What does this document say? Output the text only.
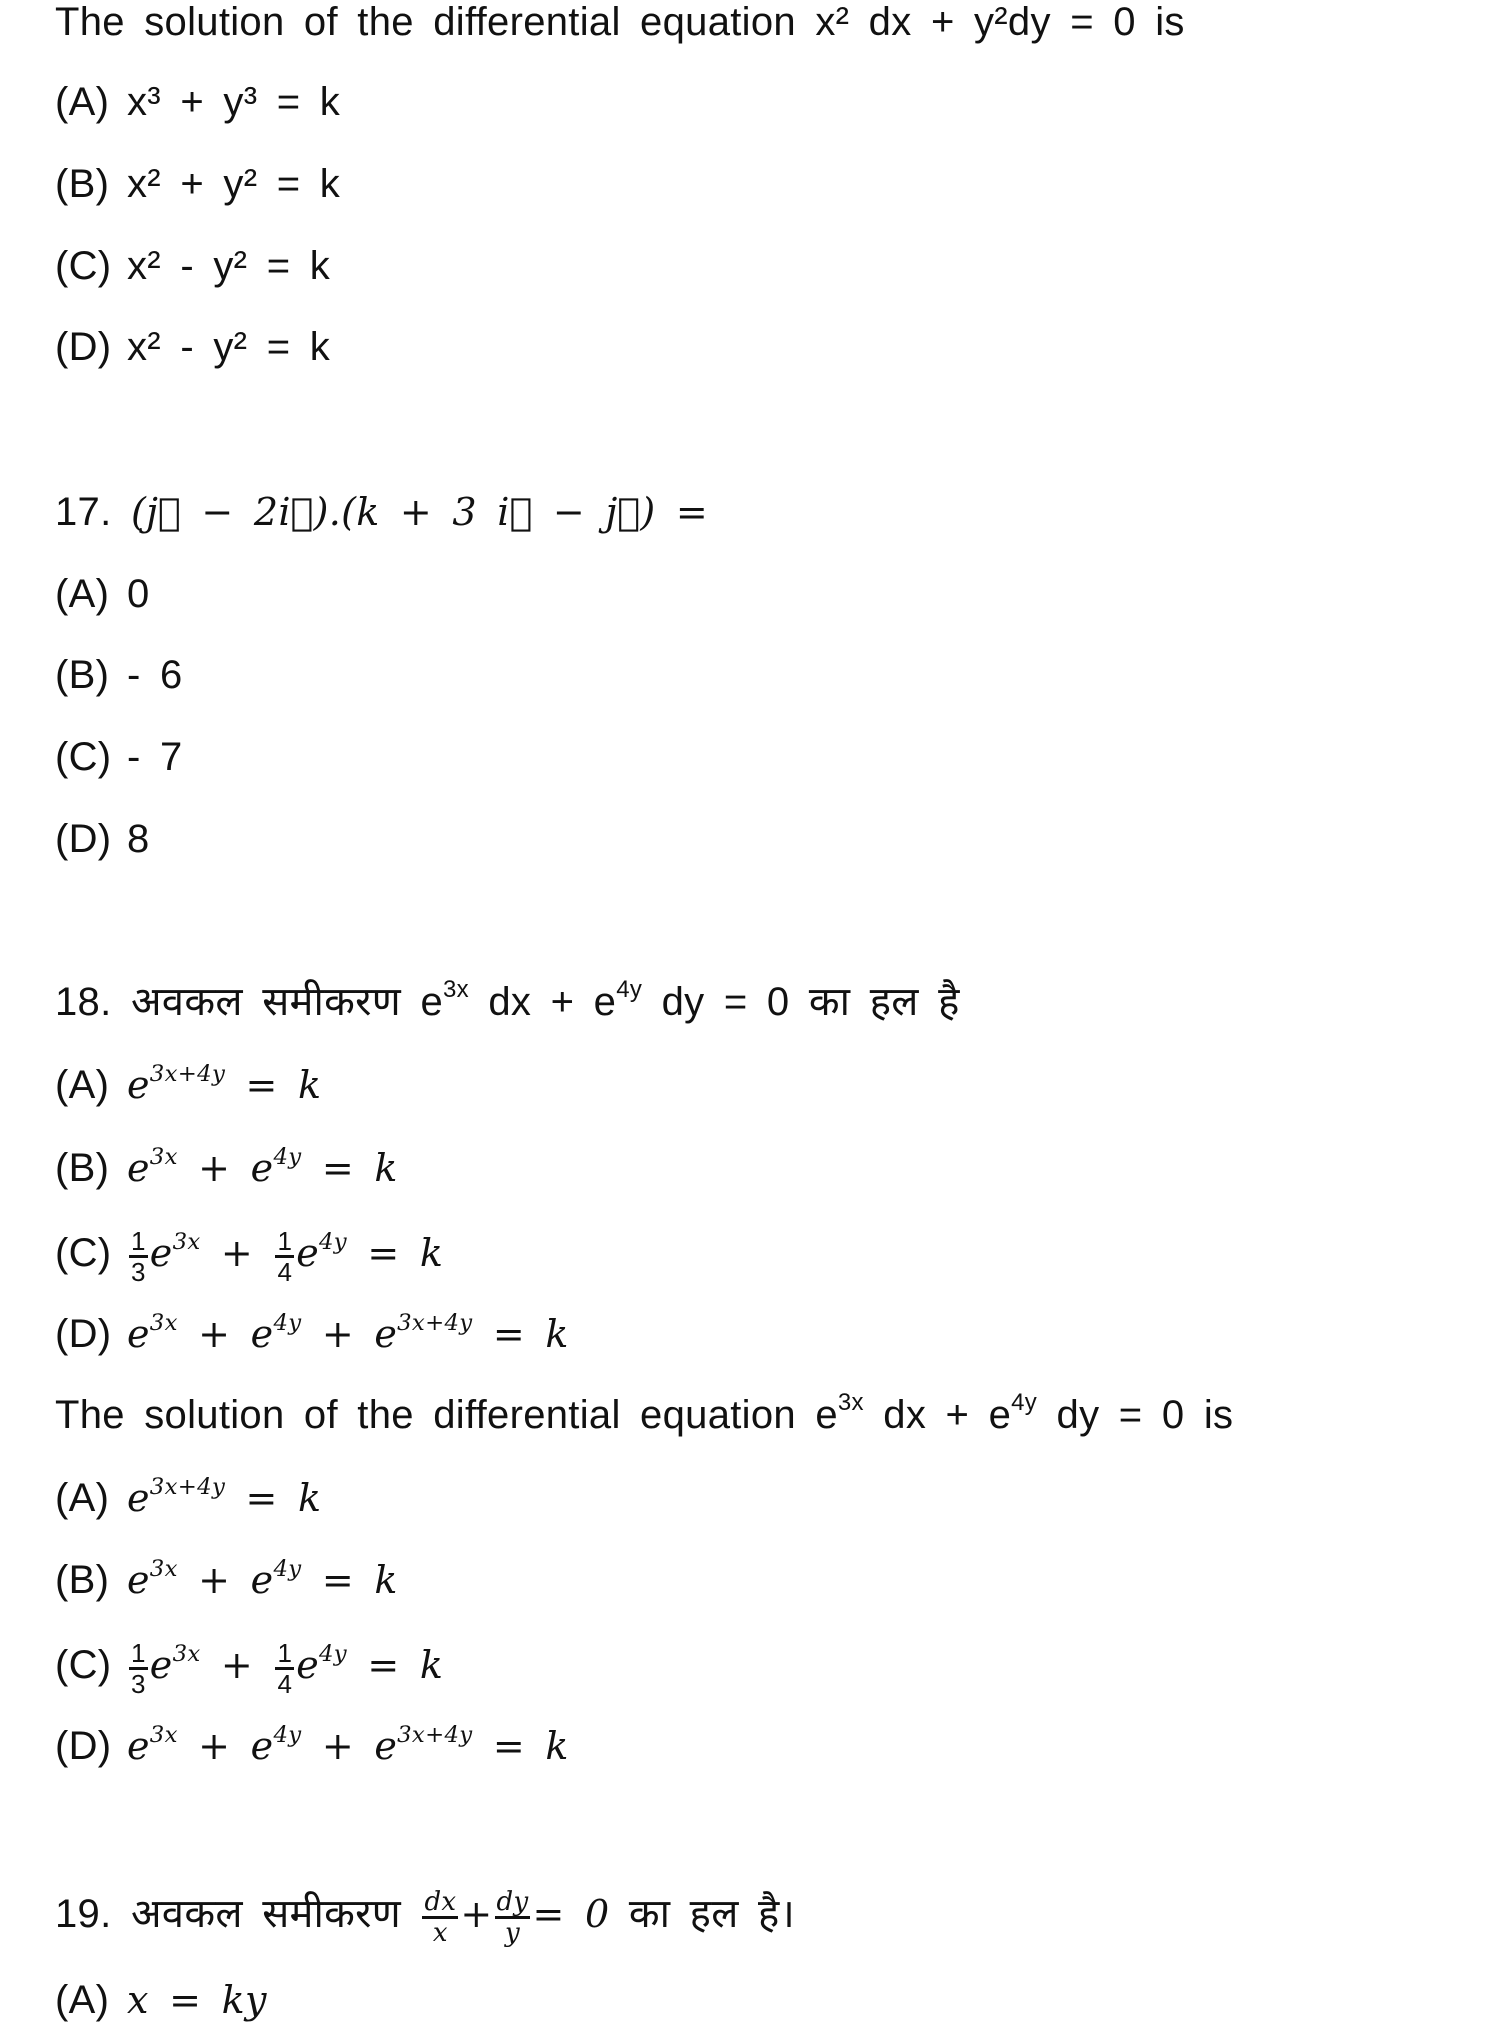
The solution of the differential equation x² dx + y²dy = 0 is
(A) x³ + y³ = k
(B) x² + y² = k
(C) x² - y² = k
(D) x² - y² = k
17. (j⃗ − 2i⃗).(k + 3 i⃗ − j⃗) =
(A) 0
(B) - 6
(C) - 7
(D) 8
18. अवकल समीकरण $e^{3x}$ dx + $e^{4y}$ dy = 0 का हल है
(A) $e^{3x+4y} = k$
(B) $e^{3x} + e^{4y} = k$
$(C) \frac{1}{3} e^{3x} + \frac{1}{4} e^{4y} = k$
(D) $e^{3x} + e^{4y} + e^{3x+4y} = k$
The solution of the differential equation $e^{3x}$ dx + $e^{4y}$ dy = 0 is
(A) $e^{3x+4y} = k$
(B) $e^{3x} + e^{4y} = k$
$(C) \frac{1}{3} e^{3x} + \frac{1}{4} e^{4y} = k$
(D) $e^{3x} + e^{4y} + e^{3x+4y} = k$
19. अवकल समीकरण $\frac{dx}{x} + \frac{dy}{y} = 0$ का हल है।
(A) x = ky
